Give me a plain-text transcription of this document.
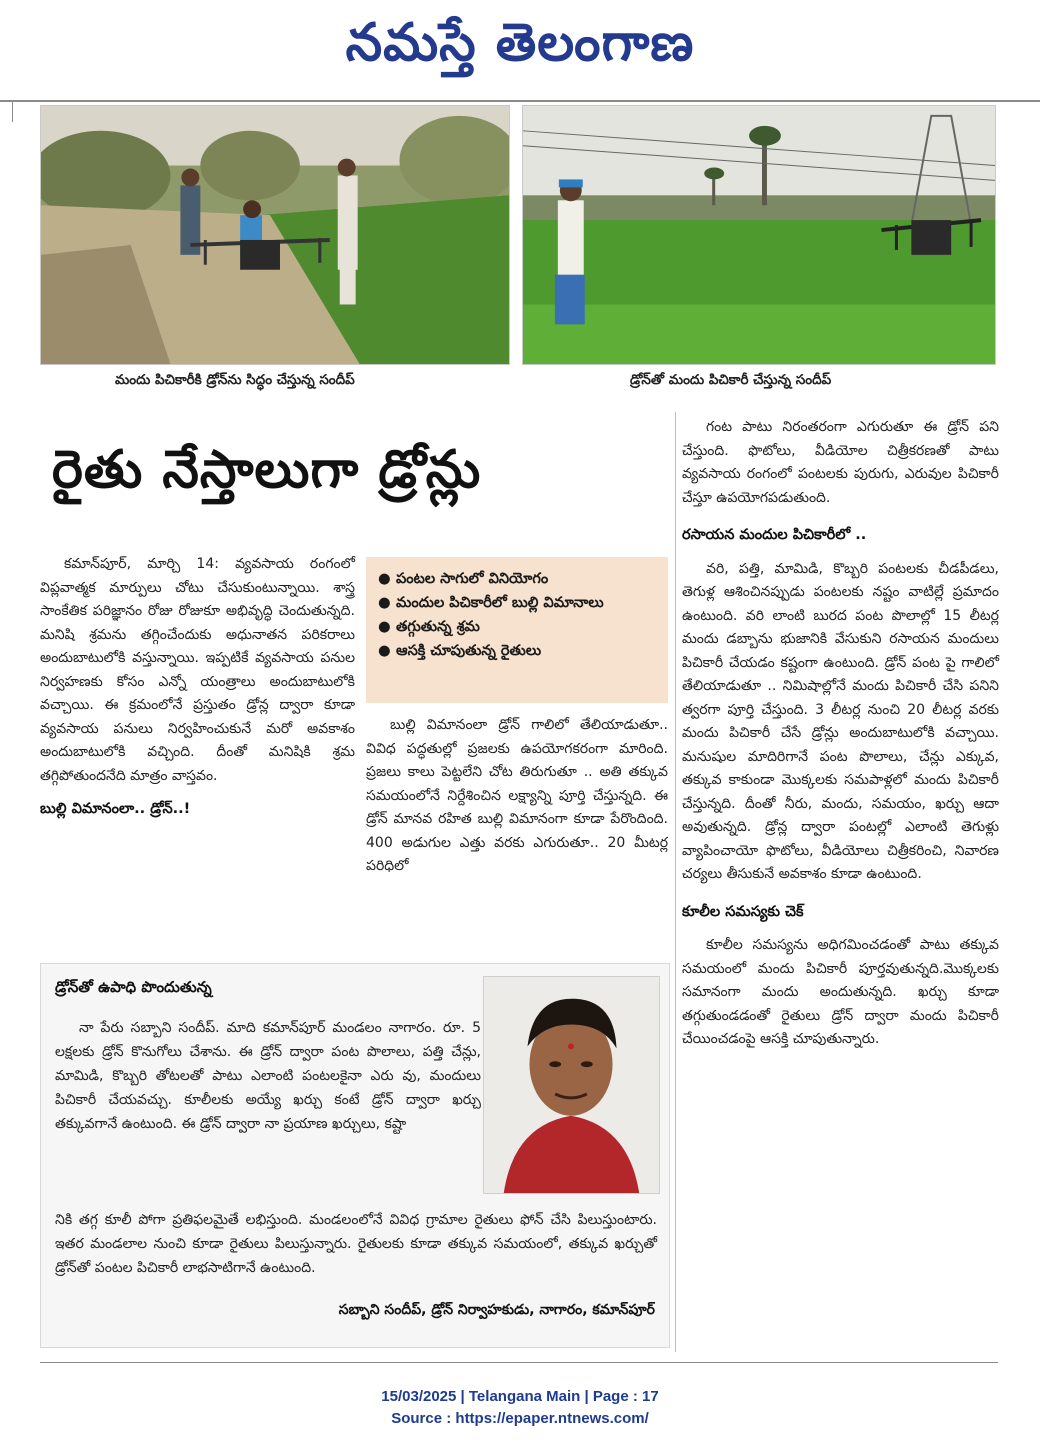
నమస్తే తెలంగాణ
మందు పిచికారీకి డ్రోన్‌ను సిద్ధం చేస్తున్న సందీప్	డ్రోన్‌తో మందు పిచికారీ చేస్తున్న సందీప్
రైతు నేస్తాలుగా డ్రోన్లు

కమాన్‌పూర్‌, మార్చి 14: వ్యవసాయ రంగంలో విప్లవాత్మక మార్పులు చోటు చేసుకుంటున్నాయి. శాస్త్ర సాంకేతిక పరిజ్ఞానం రోజు రోజుకూ అభివృద్ధి చెందుతున్నది. మనిషి శ్రమను తగ్గించేందుకు అధునాతన పరికరాలు అందుబాటులోకి వస్తున్నాయి. ఇప్పటికే వ్యవసాయ పనుల నిర్వహణకు కోసం ఎన్నో యంత్రాలు అందుబాటులోకి వచ్చాయి. ఈ క్రమంలోనే ప్రస్తుతం డ్రోన్ల ద్వారా కూడా వ్యవసాయ పనులు నిర్వహించుకునే మరో అవకాశం అందుబాటులోకి వచ్చింది. దీంతో మనిషికి శ్రమ తగ్గిపోతుందనేది మాత్రం వాస్తవం.

బుల్లి విమానంలా.. డ్రోన్‌..!
● పంటల సాగులో వినియోగం
● మందుల పిచికారీలో బుల్లి విమానాలు
● తగ్గుతున్న శ్రమ
● ఆసక్తి చూపుతున్న రైతులు

బుల్లి విమానంలా డ్రోన్‌ గాలిలో తేలియాడుతూ.. వివిధ పద్ధతుల్లో ప్రజలకు ఉపయోగకరంగా మారింది. ప్రజలు కాలు పెట్టలేని చోట తిరుగుతూ .. అతి తక్కువ సమయంలోనే నిర్దేశించిన లక్ష్యాన్ని పూర్తి చేస్తున్నది. ఈ డ్రోన్‌ మానవ రహిత బుల్లి విమానంగా కూడా పేరొందింది. 400 అడుగుల ఎత్తు వరకు ఎగురుతూ.. 20 మీటర్ల పరిధిలో

గంట పాటు నిరంతరంగా ఎగురుతూ ఈ డ్రోన్‌ పని చేస్తుంది. ఫొటోలు, వీడియోల చిత్రీకరణతో పాటు వ్యవసాయ రంగంలో పంటలకు పురుగు, ఎరువుల పిచికారీ చేస్తూ ఉపయోగపడుతుంది.

రసాయన మందుల పిచికారీలో ..

వరి, పత్తి, మామిడి, కొబ్బరి పంటలకు చీడపీడలు, తెగుళ్ల ఆశించినప్పుడు పంటలకు నష్టం వాటిల్లే ప్రమాదం ఉంటుంది. వరి లాంటి బురద పంట పొలాల్లో 15 లీటర్ల మందు డబ్బాను భుజానికి వేసుకుని రసాయన మందులు పిచికారీ చేయడం కష్టంగా ఉంటుంది. డ్రోన్‌ పంట పై గాలిలో తేలియాడుతూ .. నిమిషాల్లోనే మందు పిచికారీ చేసి పనిని త్వరగా పూర్తి చేస్తుంది. 3 లీటర్ల నుంచి 20 లీటర్ల వరకు మందు పిచికారీ చేసే డ్రోన్లు అందుబాటులోకి వచ్చాయి. మనుషుల మాదిరిగానే పంట పొలాలు, చేన్లు ఎక్కువ, తక్కువ కాకుండా మొక్కలకు సమపాళ్లలో మందు పిచికారీ చేస్తున్నది. దీంతో నీరు, మందు, సమయం, ఖర్చు ఆదా అవుతున్నది. డ్రోన్ల ద్వారా పంటల్లో ఎలాంటి తెగుళ్లు వ్యాపించాయో ఫొటోలు, వీడియోలు చిత్రీకరించి, నివారణ చర్యలు తీసుకునే అవకాశం కూడా ఉంటుంది.

కూలీల సమస్యకు చెక్‌

కూలీల సమస్యను అధిగమించడంతో పాటు తక్కువ సమయంలో మందు పిచికారీ పూర్తవుతున్నది.మొక్కలకు సమానంగా మందు అందుతున్నది. ఖర్చు కూడా తగ్గుతుండడంతో రైతులు డ్రోన్‌ ద్వారా మందు పిచికారీ చేయించడంపై ఆసక్తి చూపుతున్నారు.

డ్రోన్‌తో ఉపాధి పొందుతున్న

నా పేరు సబ్బాని సందీప్‌. మాది కమాన్‌పూర్‌ మండలం నాగారం. రూ. 5 లక్షలకు డ్రోన్‌ కొనుగోలు చేశాను. ఈ డ్రోన్‌ ద్వారా పంట పొలాలు, పత్తి చేన్లు, మామిడి, కొబ్బరి తోటలతో పాటు ఎలాంటి పంటలకైనా ఎరు వు, మందులు పిచికారీ చేయవచ్చు. కూలీలకు అయ్యే ఖర్చు కంటే డ్రోన్‌ ద్వారా ఖర్చు తక్కువగానే ఉంటుంది. ఈ డ్రోన్‌ ద్వారా నా ప్రయాణ ఖర్చులు, కష్టా

నికి తగ్గ కూలీ పోగా ప్రతిఫలమైతే లభిస్తుంది. మండలంలోనే వివిధ గ్రామాల రైతులు ఫోన్‌ చేసి పిలుస్తుంటారు. ఇతర మండలాల నుంచి కూడా రైతులు పిలుస్తున్నారు. రైతులకు కూడా తక్కువ సమయంలో, తక్కువ ఖర్చుతో డ్రోన్‌తో పంటల పిచికారీ లాభసాటిగానే ఉంటుంది.
సబ్బాని సందీప్‌, డ్రోన్‌ నిర్వాహకుడు, నాగారం, కమాన్‌పూర్‌
15/03/2025 | Telangana Main | Page : 17
Source : https://epaper.ntnews.com/
